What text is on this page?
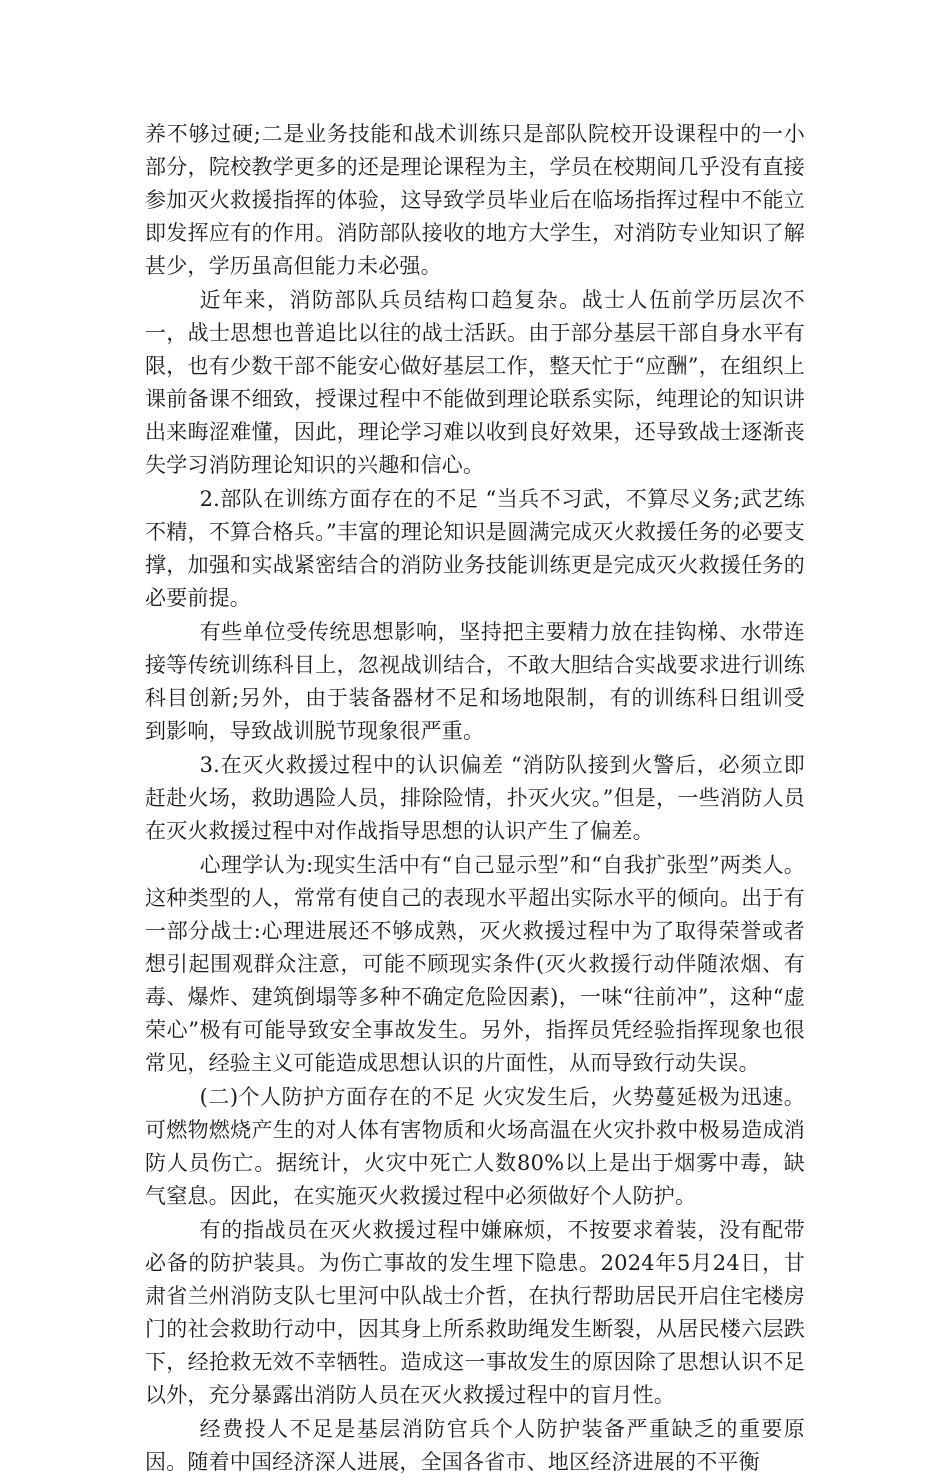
养不够过硬;二是业务技能和战术训练只是部队院校开设课程中的一小部分，院校教学更多的还是理论课程为主，学员在校期间几乎没有直接参加灭火救援指挥的体验，这导致学员毕业后在临场指挥过程中不能立即发挥应有的作用。消防部队接收的地方大学生，对消防专业知识了解甚少，学历虽高但能力未必强。

近年来，消防部队兵员结构口趋复杂。战士人伍前学历层次不一，战士思想也普追比以往的战士活跃。由于部分基层干部自身水平有限，也有少数干部不能安心做好基层工作，整天忙于“应酬”，在组织上课前备课不细致，授课过程中不能做到理论联系实际，纯理论的知识讲出来晦涩难懂，因此，理论学习难以收到良好效果，还导致战士逐渐丧失学习消防理论知识的兴趣和信心。

2.部队在训练方面存在的不足 “当兵不习武，不算尽义务;武艺练不精，不算合格兵。”丰富的理论知识是圆满完成灭火救援任务的必要支撑，加强和实战紧密结合的消防业务技能训练更是完成灭火救援任务的必要前提。

有些单位受传统思想影响，坚持把主要精力放在挂钩梯、水带连接等传统训练科目上，忽视战训结合，不敢大胆结合实战要求进行训练科目创新;另外，由于装备器材不足和场地限制，有的训练科日组训受到影响，导致战训脱节现象很严重。

3.在灭火救援过程中的认识偏差 “消防队接到火警后，必须立即赶赴火场，救助遇险人员，排除险情，扑灭火灾。”但是，一些消防人员在灭火救援过程中对作战指导思想的认识产生了偏差。

心理学认为:现实生活中有“自己显示型”和“自我扩张型”两类人。这种类型的人，常常有使自己的表现水平超出实际水平的倾向。出于有一部分战士:心理进展还不够成熟，灭火救援过程中为了取得荣誉或者想引起围观群众注意，可能不顾现实条件(灭火救援行动伴随浓烟、有毒、爆炸、建筑倒塌等多种不确定危险因素)，一味“往前冲”，这种“虚荣心”极有可能导致安全事故发生。另外，指挥员凭经验指挥现象也很常见，经验主义可能造成思想认识的片面性，从而导致行动失误。

(二)个人防护方面存在的不足 火灾发生后，火势蔓延极为迅速。可燃物燃烧产生的对人体有害物质和火场高温在火灾扑救中极易造成消防人员伤亡。据统计，火灾中死亡人数80%以上是出于烟雾中毒，缺气窒息。因此，在实施灭火救援过程中必须做好个人防护。

有的指战员在灭火救援过程中嫌麻烦，不按要求着装，没有配带必备的防护装具。为伤亡事故的发生埋下隐患。2024年5月24日，甘肃省兰州消防支队七里河中队战士介哲，在执行帮助居民开启住宅楼房门的社会救助行动中，因其身上所系救助绳发生断裂，从居民楼六层跌下，经抢救无效不幸牺牲。造成这一事故发生的原因除了思想认识不足以外，充分暴露出消防人员在灭火救援过程中的盲月性。

经费投人不足是基层消防官兵个人防护装备严重缺乏的重要原因。随着中国经济深人进展，全国各省市、地区经济进展的不平衡
